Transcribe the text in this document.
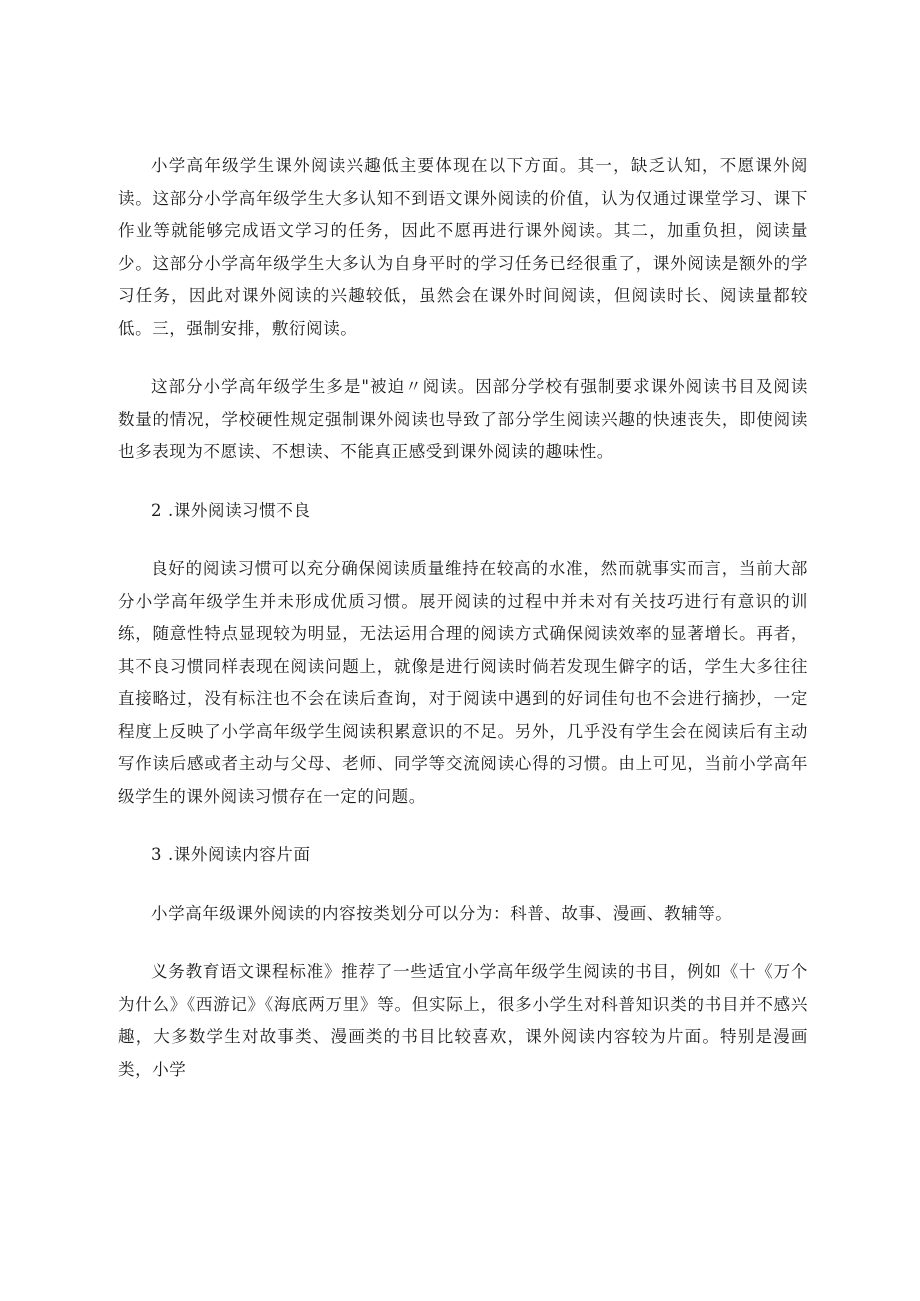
小学高年级学生课外阅读兴趣低主要体现在以下方面。其一，缺乏认知，不愿课外阅读。这部分小学高年级学生大多认知不到语文课外阅读的价值，认为仅通过课堂学习、课下作业等就能够完成语文学习的任务，因此不愿再进行课外阅读。其二，加重负担，阅读量少。这部分小学高年级学生大多认为自身平时的学习任务已经很重了，课外阅读是额外的学习任务，因此对课外阅读的兴趣较低，虽然会在课外时间阅读，但阅读时长、阅读量都较低。三，强制安排，敷衍阅读。

这部分小学高年级学生多是"被迫〃阅读。因部分学校有强制要求课外阅读书目及阅读数量的情况，学校硬性规定强制课外阅读也导致了部分学生阅读兴趣的快速丧失，即使阅读也多表现为不愿读、不想读、不能真正感受到课外阅读的趣味性。

2 .课外阅读习惯不良

良好的阅读习惯可以充分确保阅读质量维持在较高的水准，然而就事实而言，当前大部分小学高年级学生并未形成优质习惯。展开阅读的过程中并未对有关技巧进行有意识的训练，随意性特点显现较为明显，无法运用合理的阅读方式确保阅读效率的显著增长。再者，其不良习惯同样表现在阅读问题上，就像是进行阅读时倘若发现生僻字的话，学生大多往往直接略过，没有标注也不会在读后查询，对于阅读中遇到的好词佳句也不会进行摘抄，一定程度上反映了小学高年级学生阅读积累意识的不足。另外，几乎没有学生会在阅读后有主动写作读后感或者主动与父母、老师、同学等交流阅读心得的习惯。由上可见，当前小学高年级学生的课外阅读习惯存在一定的问题。

3 .课外阅读内容片面

小学高年级课外阅读的内容按类划分可以分为：科普、故事、漫画、教辅等。

义务教育语文课程标准》推荐了一些适宜小学高年级学生阅读的书目，例如《十《万个为什么》《西游记》《海底两万里》等。但实际上，很多小学生对科普知识类的书目并不感兴趣，大多数学生对故事类、漫画类的书目比较喜欢，课外阅读内容较为片面。特别是漫画类，小学
